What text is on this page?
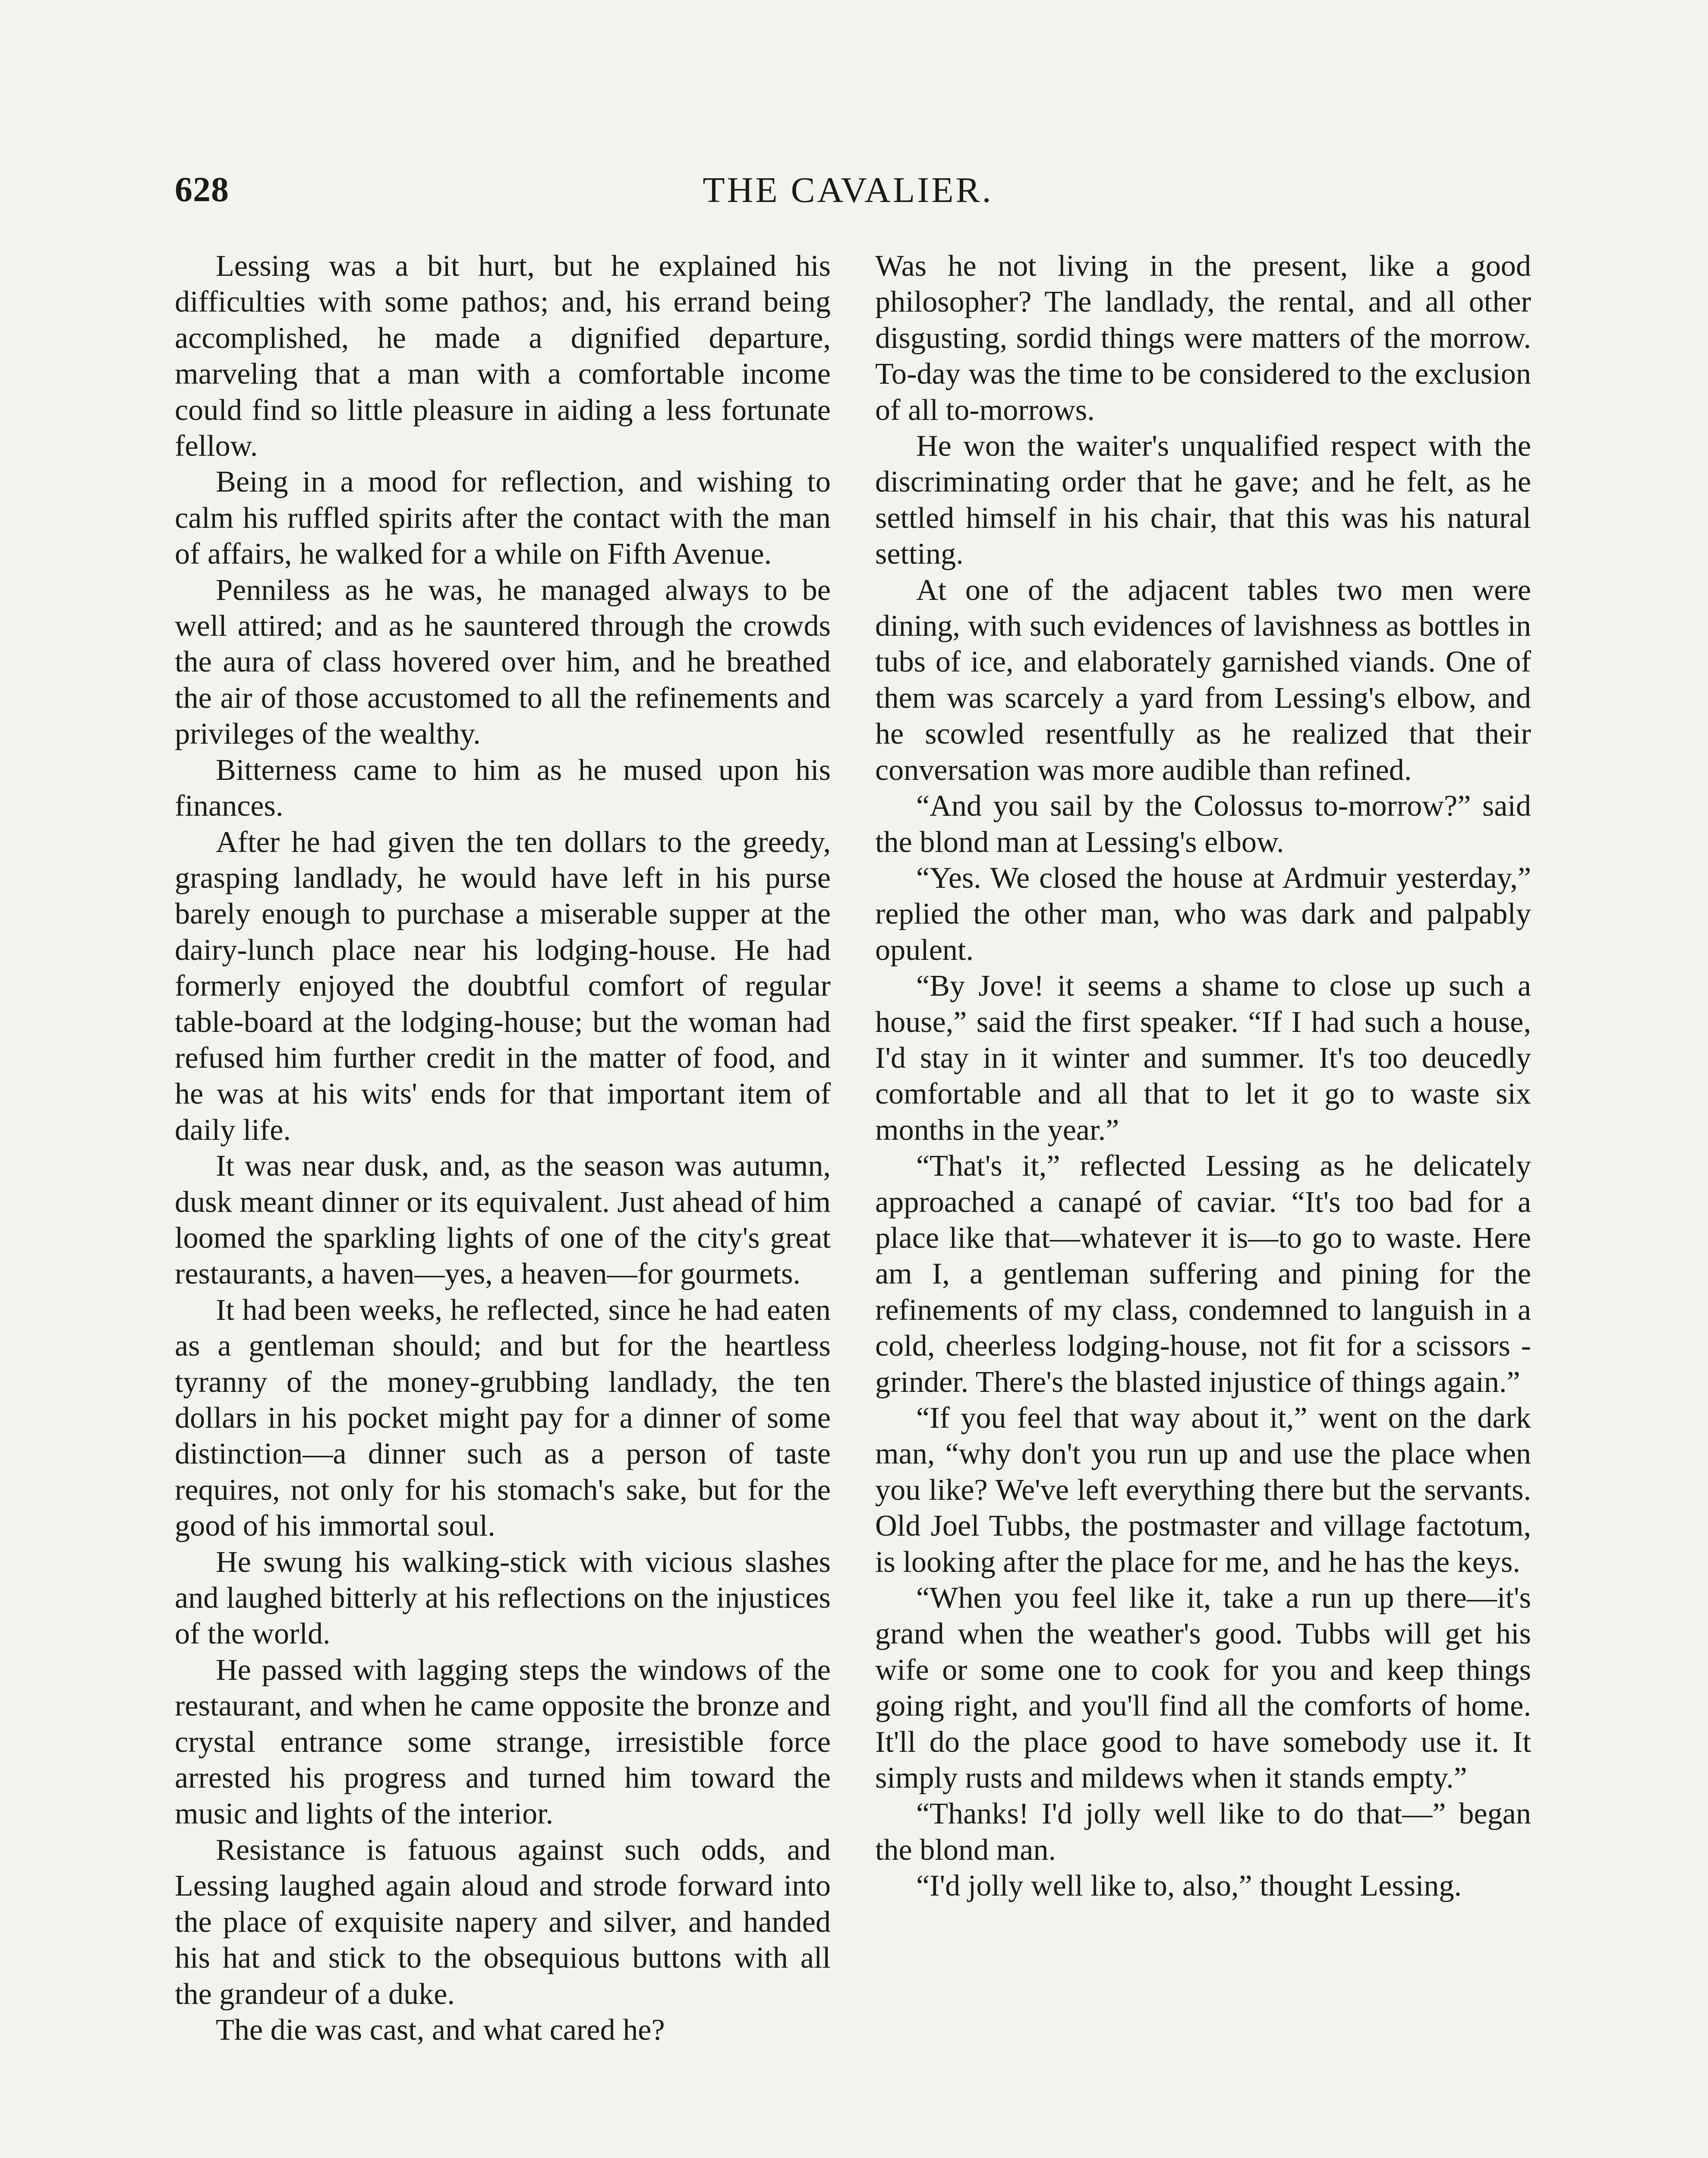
628	THE CAVALIER.

Lessing was a bit hurt, but he explained his difficulties with some pathos; and, his errand being accomplished, he made a dignified departure, marveling that a man with a comfortable income could find so little pleasure in aiding a less fortunate fellow.

Being in a mood for reflection, and wishing to calm his ruffled spirits after the contact with the man of affairs, he walked for a while on Fifth Avenue.

Penniless as he was, he managed always to be well attired; and as he sauntered through the crowds the aura of class hovered over him, and he breathed the air of those accustomed to all the refinements and privileges of the wealthy.

Bitterness came to him as he mused upon his finances.

After he had given the ten dollars to the greedy, grasping landlady, he would have left in his purse barely enough to purchase a miserable supper at the dairy-lunch place near his lodging-house. He had formerly enjoyed the doubtful comfort of regular table-board at the lodging-house; but the woman had refused him further credit in the matter of food, and he was at his wits' ends for that important item of daily life.

It was near dusk, and, as the season was autumn, dusk meant dinner or its equivalent. Just ahead of him loomed the sparkling lights of one of the city's great restaurants, a haven—yes, a heaven—for gourmets.

It had been weeks, he reflected, since he had eaten as a gentleman should; and but for the heartless tyranny of the money-grubbing landlady, the ten dollars in his pocket might pay for a dinner of some distinction—a dinner such as a person of taste requires, not only for his stomach's sake, but for the good of his immortal soul.

He swung his walking-stick with vicious slashes and laughed bitterly at his reflections on the injustices of the world.

He passed with lagging steps the windows of the restaurant, and when he came opposite the bronze and crystal entrance some strange, irresistible force arrested his progress and turned him toward the music and lights of the interior.

Resistance is fatuous against such odds, and Lessing laughed again aloud and strode forward into the place of exquisite napery and silver, and handed his hat and stick to the obsequious buttons with all the grandeur of a duke.

The die was cast, and what cared he?

Was he not living in the present, like a good philosopher? The landlady, the rental, and all other disgusting, sordid things were matters of the morrow. To-day was the time to be considered to the exclusion of all to-morrows.

He won the waiter's unqualified respect with the discriminating order that he gave; and he felt, as he settled himself in his chair, that this was his natural setting.

At one of the adjacent tables two men were dining, with such evidences of lavishness as bottles in tubs of ice, and elaborately garnished viands. One of them was scarcely a yard from Lessing's elbow, and he scowled resentfully as he realized that their conversation was more audible than refined.

“And you sail by the Colossus to-morrow?” said the blond man at Lessing's elbow.

“Yes. We closed the house at Ardmuir yesterday,” replied the other man, who was dark and palpably opulent.

“By Jove! it seems a shame to close up such a house,” said the first speaker. “If I had such a house, I'd stay in it winter and summer. It's too deucedly comfortable and all that to let it go to waste six months in the year.”

“That's it,” reflected Lessing as he delicately approached a canapé of caviar. “It's too bad for a place like that—whatever it is—to go to waste. Here am I, a gentleman suffering and pining for the refinements of my class, condemned to languish in a cold, cheerless lodging-house, not fit for a scissors - grinder. There's the blasted injustice of things again.”

“If you feel that way about it,” went on the dark man, “why don't you run up and use the place when you like? We've left everything there but the servants. Old Joel Tubbs, the postmaster and village factotum, is looking after the place for me, and he has the keys.

“When you feel like it, take a run up there—it's grand when the weather's good. Tubbs will get his wife or some one to cook for you and keep things going right, and you'll find all the comforts of home. It'll do the place good to have somebody use it. It simply rusts and mildews when it stands empty.”

“Thanks! I'd jolly well like to do that—” began the blond man.

“I'd jolly well like to, also,” thought Lessing.
